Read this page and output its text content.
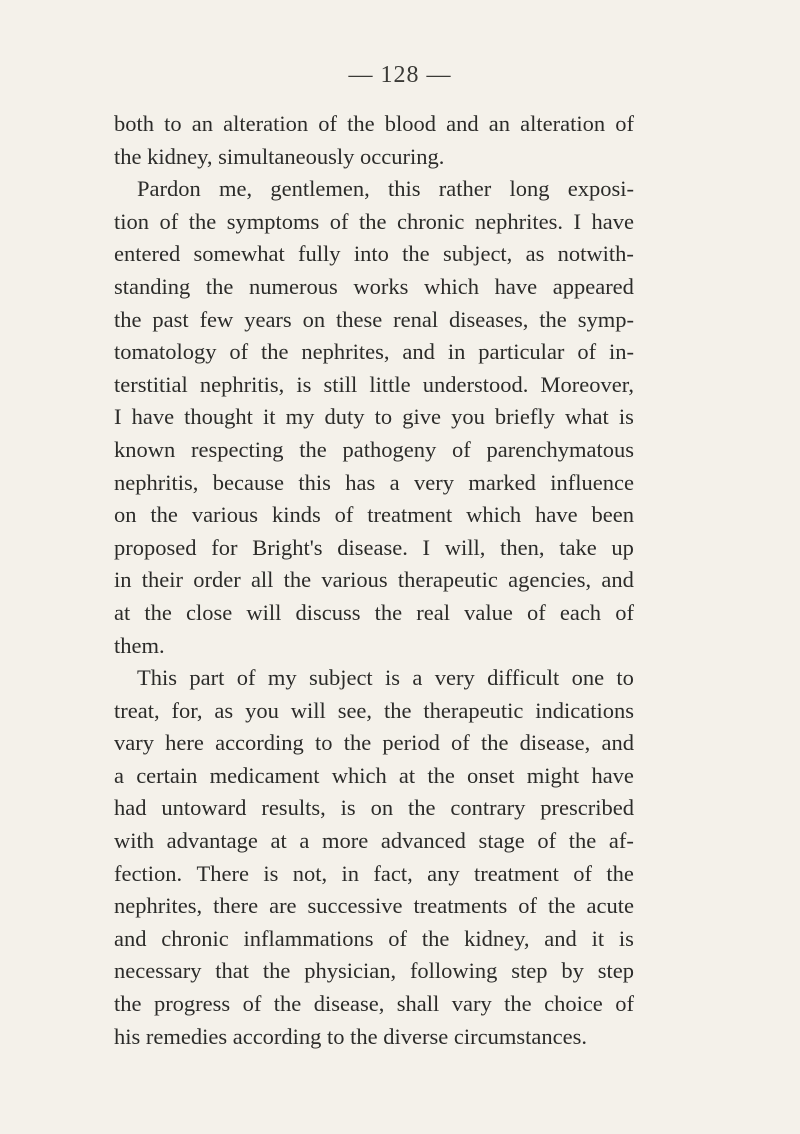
— 128 —
both to an alteration of the blood and an alteration of
the kidney, simultaneously occuring.
Pardon me, gentlemen, this rather long exposi-
tion of the symptoms of the chronic nephrites. I have
entered somewhat fully into the subject, as notwith-
standing the numerous works which have appeared
the past few years on these renal diseases, the symp-
tomatology of the nephrites, and in particular of in-
terstitial nephritis, is still little understood. Moreover,
I have thought it my duty to give you briefly what is
known respecting the pathogeny of parenchymatous
nephritis, because this has a very marked influence
on the various kinds of treatment which have been
proposed for Bright's disease. I will, then, take up
in their order all the various therapeutic agencies, and
at the close will discuss the real value of each of
them.
This part of my subject is a very difficult one to
treat, for, as you will see, the therapeutic indications
vary here according to the period of the disease, and
a certain medicament which at the onset might have
had untoward results, is on the contrary prescribed
with advantage at a more advanced stage of the af-
fection. There is not, in fact, any treatment of the
nephrites, there are successive treatments of the acute
and chronic inflammations of the kidney, and it is
necessary that the physician, following step by step
the progress of the disease, shall vary the choice of
his remedies according to the diverse circumstances.
